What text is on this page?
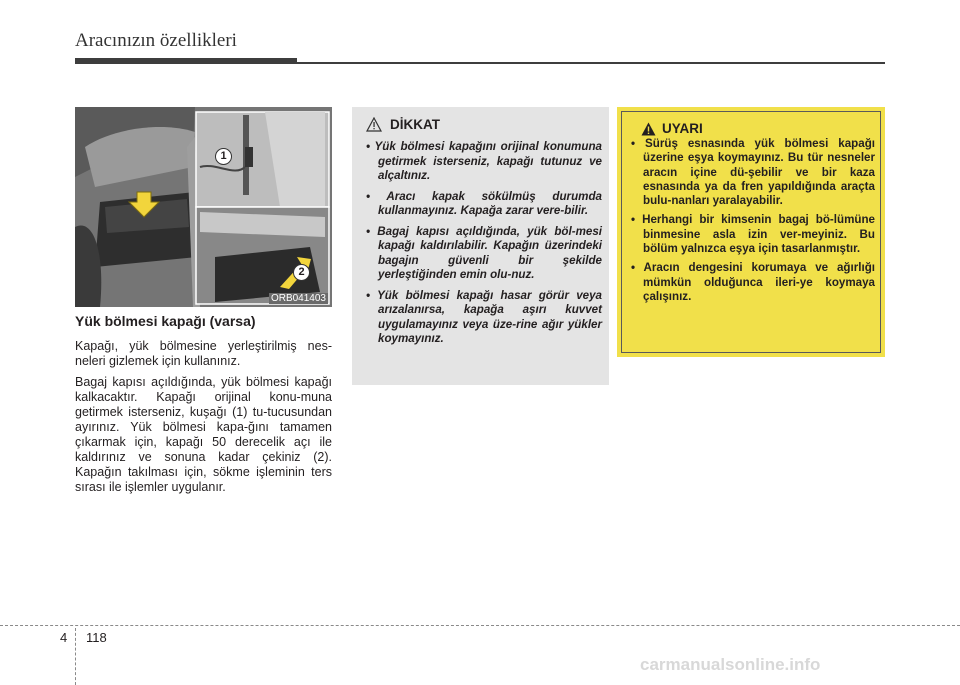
Aracınızın özellikleri
1
2
ORB041403
Yük bölmesi kapağı (varsa)

Kapağı, yük bölmesine yerleştirilmiş nes-neleri gizlemek için kullanınız.

Bagaj kapısı açıldığında, yük bölmesi kapağı kalkacaktır. Kapağı orijinal konu-muna getirmek isterseniz, kuşağı (1) tu-tucusundan ayırınız. Yük bölmesi kapa-ğını tamamen çıkarmak için, kapağı 50 derecelik açı ile kaldırınız ve sonuna kadar çekiniz (2). Kapağın takılması için, sökme işleminin ters sırası ile işlemler uygulanır.

DİKKAT
• Yük bölmesi kapağını orijinal konumuna getirmek isterseniz, kapağı tutunuz ve alçaltınız.
• Aracı kapak sökülmüş durumda kullanmayınız. Kapağa zarar vere-bilir.
• Bagaj kapısı açıldığında, yük böl-mesi kapağı kaldırılabilir. Kapağın üzerindeki bagajın güvenli bir şekilde yerleştiğinden emin olu-nuz.
• Yük bölmesi kapağı hasar görür veya arızalanırsa, kapağa aşırı kuvvet uygulamayınız veya üze-rine ağır yükler koymayınız.
UYARI
• Sürüş esnasında yük bölmesi kapağı üzerine eşya koymayınız. Bu tür nesneler aracın içine dü-şebilir ve bir kaza esnasında ya da fren yapıldığında araçta bulu-nanları yaralayabilir.
• Herhangi bir kimsenin bagaj bö-lümüne binmesine asla izin ver-meyiniz. Bu bölüm yalnızca eşya için tasarlanmıştır.
• Aracın dengesini korumaya ve ağırlığı mümkün olduğunca ileri-ye koymaya çalışınız.
4 118
carmanualsonline.info
